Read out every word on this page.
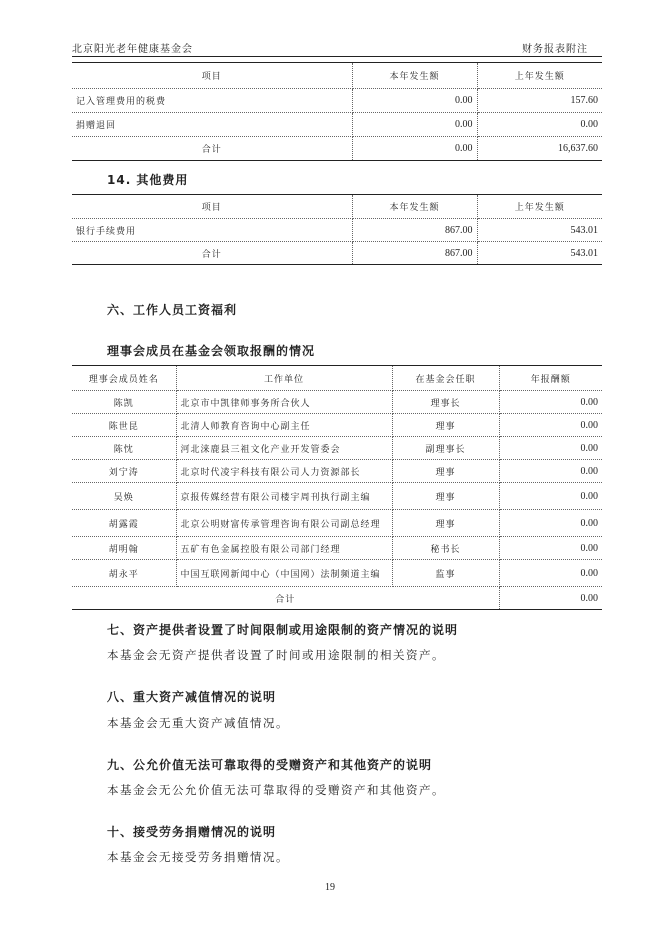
北京阳光老年健康基金会	财务报表附注
项目	本年发生额	上年发生额
记入管理费用的税费	0.00	157.60
捐赠退回	0.00	0.00
合计	0.00	16,637.60
14. 其他费用
项目	本年发生额	上年发生额
银行手续费用	867.00	543.01
合计	867.00	543.01
六、工作人员工资福利
理事会成员在基金会领取报酬的情况
理事会成员姓名	工作单位	在基金会任职	年报酬额
陈凯	北京市中凯律师事务所合伙人	理事长	0.00
陈世昆	北清人师教育咨询中心副主任	理事	0.00
陈忱	河北涞鹿县三祖文化产业开发管委会	副理事长	0.00
刘宁涛	北京时代凌宇科技有限公司人力资源部长	理事	0.00
吴焕	京报传媒经营有限公司楼宇周刊执行副主编	理事	0.00
胡露霞	北京公明财富传承管理咨询有限公司副总经理	理事	0.00
胡明翰	五矿有色金属控股有限公司部门经理	秘书长	0.00
胡永平	中国互联网新闻中心（中国网）法制频道主编	监事	0.00
合计			0.00
七、资产提供者设置了时间限制或用途限制的资产情况的说明
本基金会无资产提供者设置了时间或用途限制的相关资产。
八、重大资产减值情况的说明
本基金会无重大资产减值情况。
九、公允价值无法可靠取得的受赠资产和其他资产的说明
本基金会无公允价值无法可靠取得的受赠资产和其他资产。
十、接受劳务捐赠情况的说明
本基金会无接受劳务捐赠情况。
19
